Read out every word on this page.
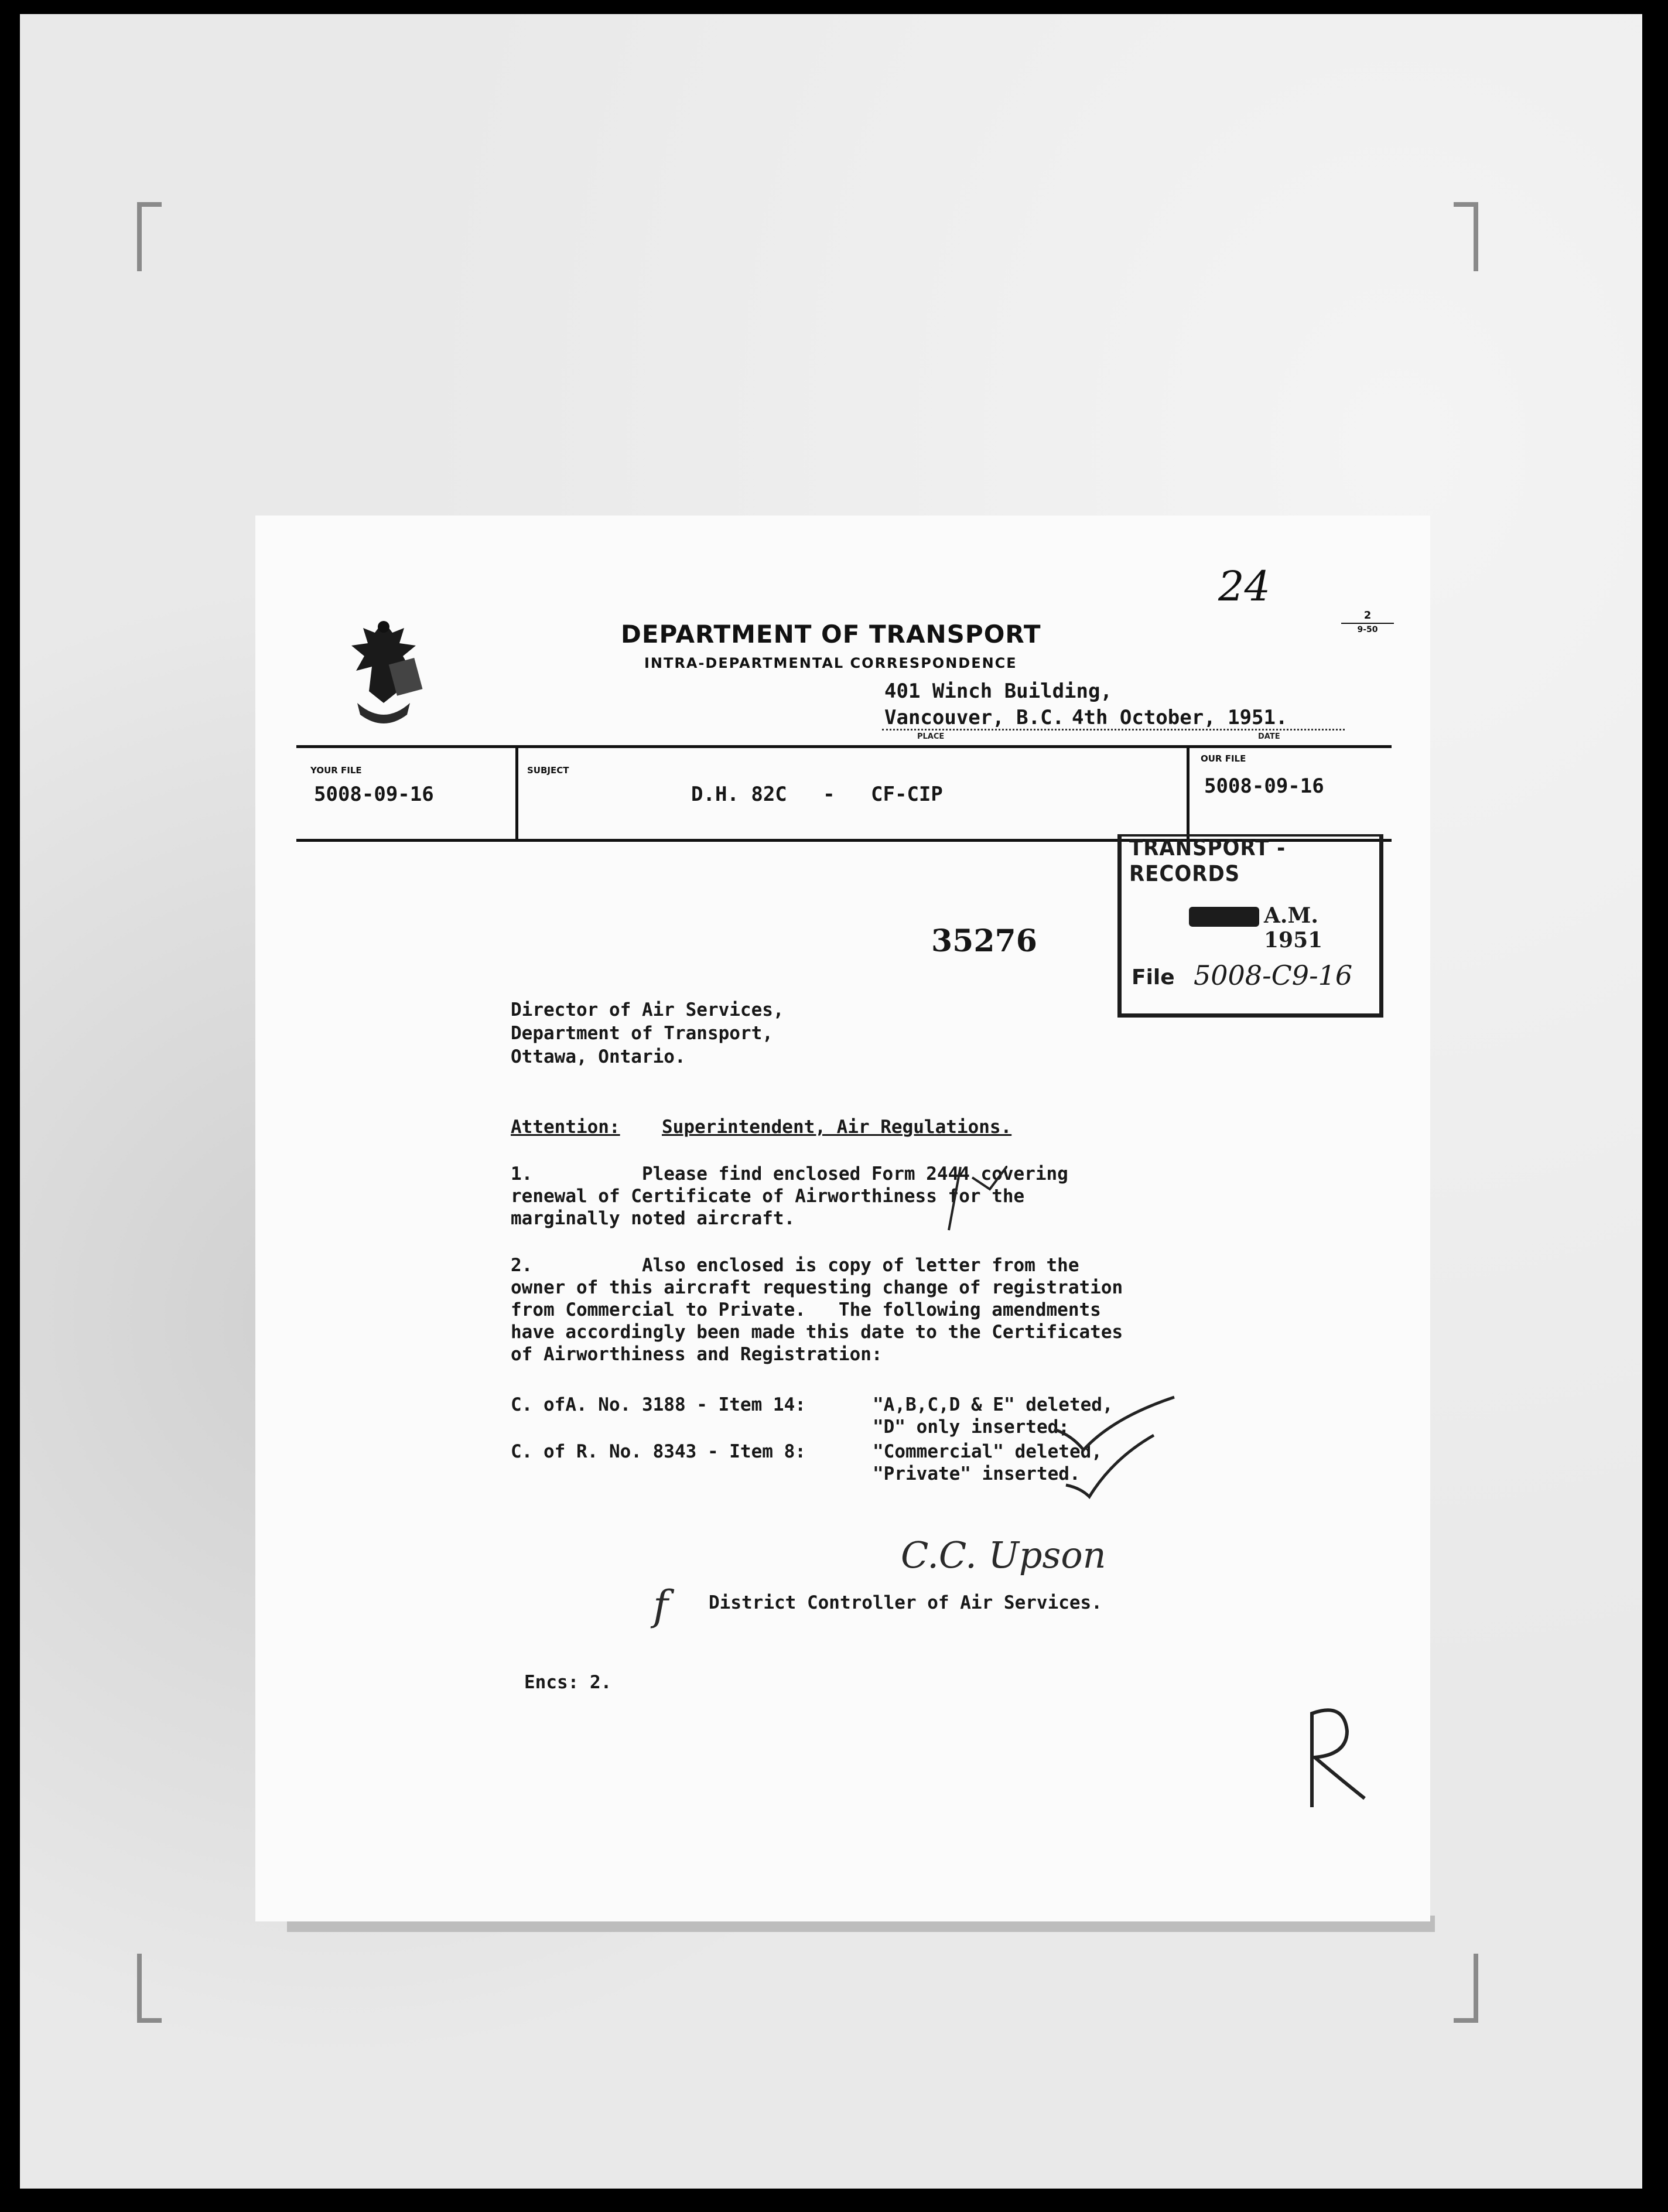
DEPARTMENT OF TRANSPORT
INTRA-DEPARTMENTAL CORRESPONDENCE
2
9-50
24
401 Winch Building,
Vancouver, B.C. 4th October, 1951.
PLACE	DATE
YOUR FILE
5008-09-16
SUBJECT
D.H. 82C   -   CF-CIP
OUR FILE
5008-09-16
TRANSPORT - RECORDS
A.M. 1951
File 5008-C9-16
35276
Director of Air Services,
Department of Transport,
Ottawa, Ontario.
Attention: Superintendent, Air Regulations.
1.          Please find enclosed Form 2444 covering
renewal of Certificate of Airworthiness for the
marginally noted aircraft.
2.          Also enclosed is copy of letter from the
owner of this aircraft requesting change of registration
from Commercial to Private.   The following amendments
have accordingly been made this date to the Certificates
of Airworthiness and Registration:
C. ofA. No. 3188 - Item 14:	"A,B,C,D & E" deleted,
"D" only inserted;
C. of R. No. 8343 - Item 8:	"Commercial" deleted,
"Private" inserted.
f
C.C. Upson
District Controller of Air Services.
Encs: 2.
